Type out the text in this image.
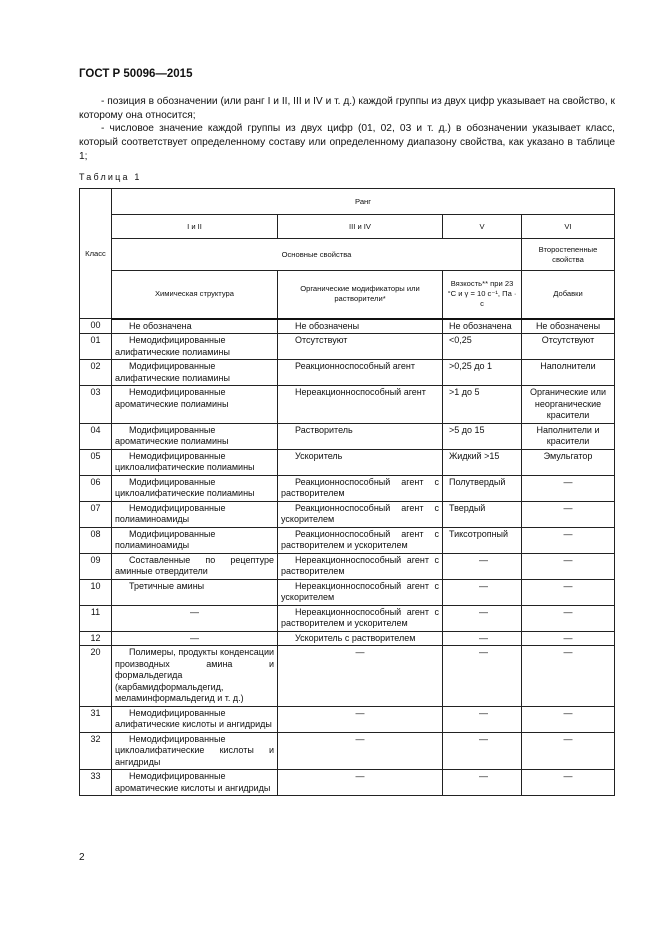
ГОСТ Р 50096—2015

- позиция в обозначении (или ранг I и II, III и IV и т. д.) каждой группы из двух цифр указывает на свойство, к которому она относится;

- числовое значение каждой группы из двух цифр (01, 02, 03 и т. д.) в обозначении указывает класс, который соответствует определенному составу или определенному диапазону свойства, как указано в таблице 1;

Таблица 1
Класс	Ранг			
	I и II	III и IV	V	VI
	Основные свойства			Второстепенные свойства
	Химическая структура	Органические модификаторы или растворители*	Вязкость** при 23 °С и γ = 10 с⁻¹, Па · с	Добавки
00	Не обозначена	Не обозначены	Не обозначена	Не обозначены
01	Немодифицированные алифатические полиамины	Отсутствуют	<0,25	Отсутствуют
02	Модифицированные алифатические полиамины	Реакционноспособный агент	>0,25 до 1	Наполнители
03	Немодифицированные ароматические полиамины	Нереакционноспособный агент	>1 до 5	Органические или неорганические красители
04	Модифицированные ароматические полиамины	Растворитель	>5 до 15	Наполнители и красители
05	Немодифицированные циклоалифатические полиамины	Ускоритель	Жидкий >15	Эмульгатор
06	Модифицированные циклоалифатические полиамины	Реакционноспособный агент с растворителем	Полутвердый	—
07	Немодифицированные полиаминоамиды	Реакционноспособный агент с ускорителем	Твердый	—
08	Модифицированные полиаминоамиды	Реакционноспособный агент с растворителем и ускорителем	Тиксотропный	—
09	Составленные по рецептуре аминные отвердители	Нереакционноспособный агент с растворителем	—	—
10	Третичные амины	Нереакционноспособный агент с ускорителем	—	—
11	—	Нереакционноспособный агент с растворителем и ускорителем	—	—
12	—	Ускоритель с растворителем	—	—
20	Полимеры, продукты конденсации производных амина и формальдегида (карбамидформальдегид, меламинформальдегид и т. д.)	—	—	—
31	Немодифицированные алифатические кислоты и ангидриды	—	—	—
32	Немодифицированные циклоалифатические кислоты и ангидриды	—	—	—
33	Немодифицированные ароматические кислоты и ангидриды	—	—	—
2
